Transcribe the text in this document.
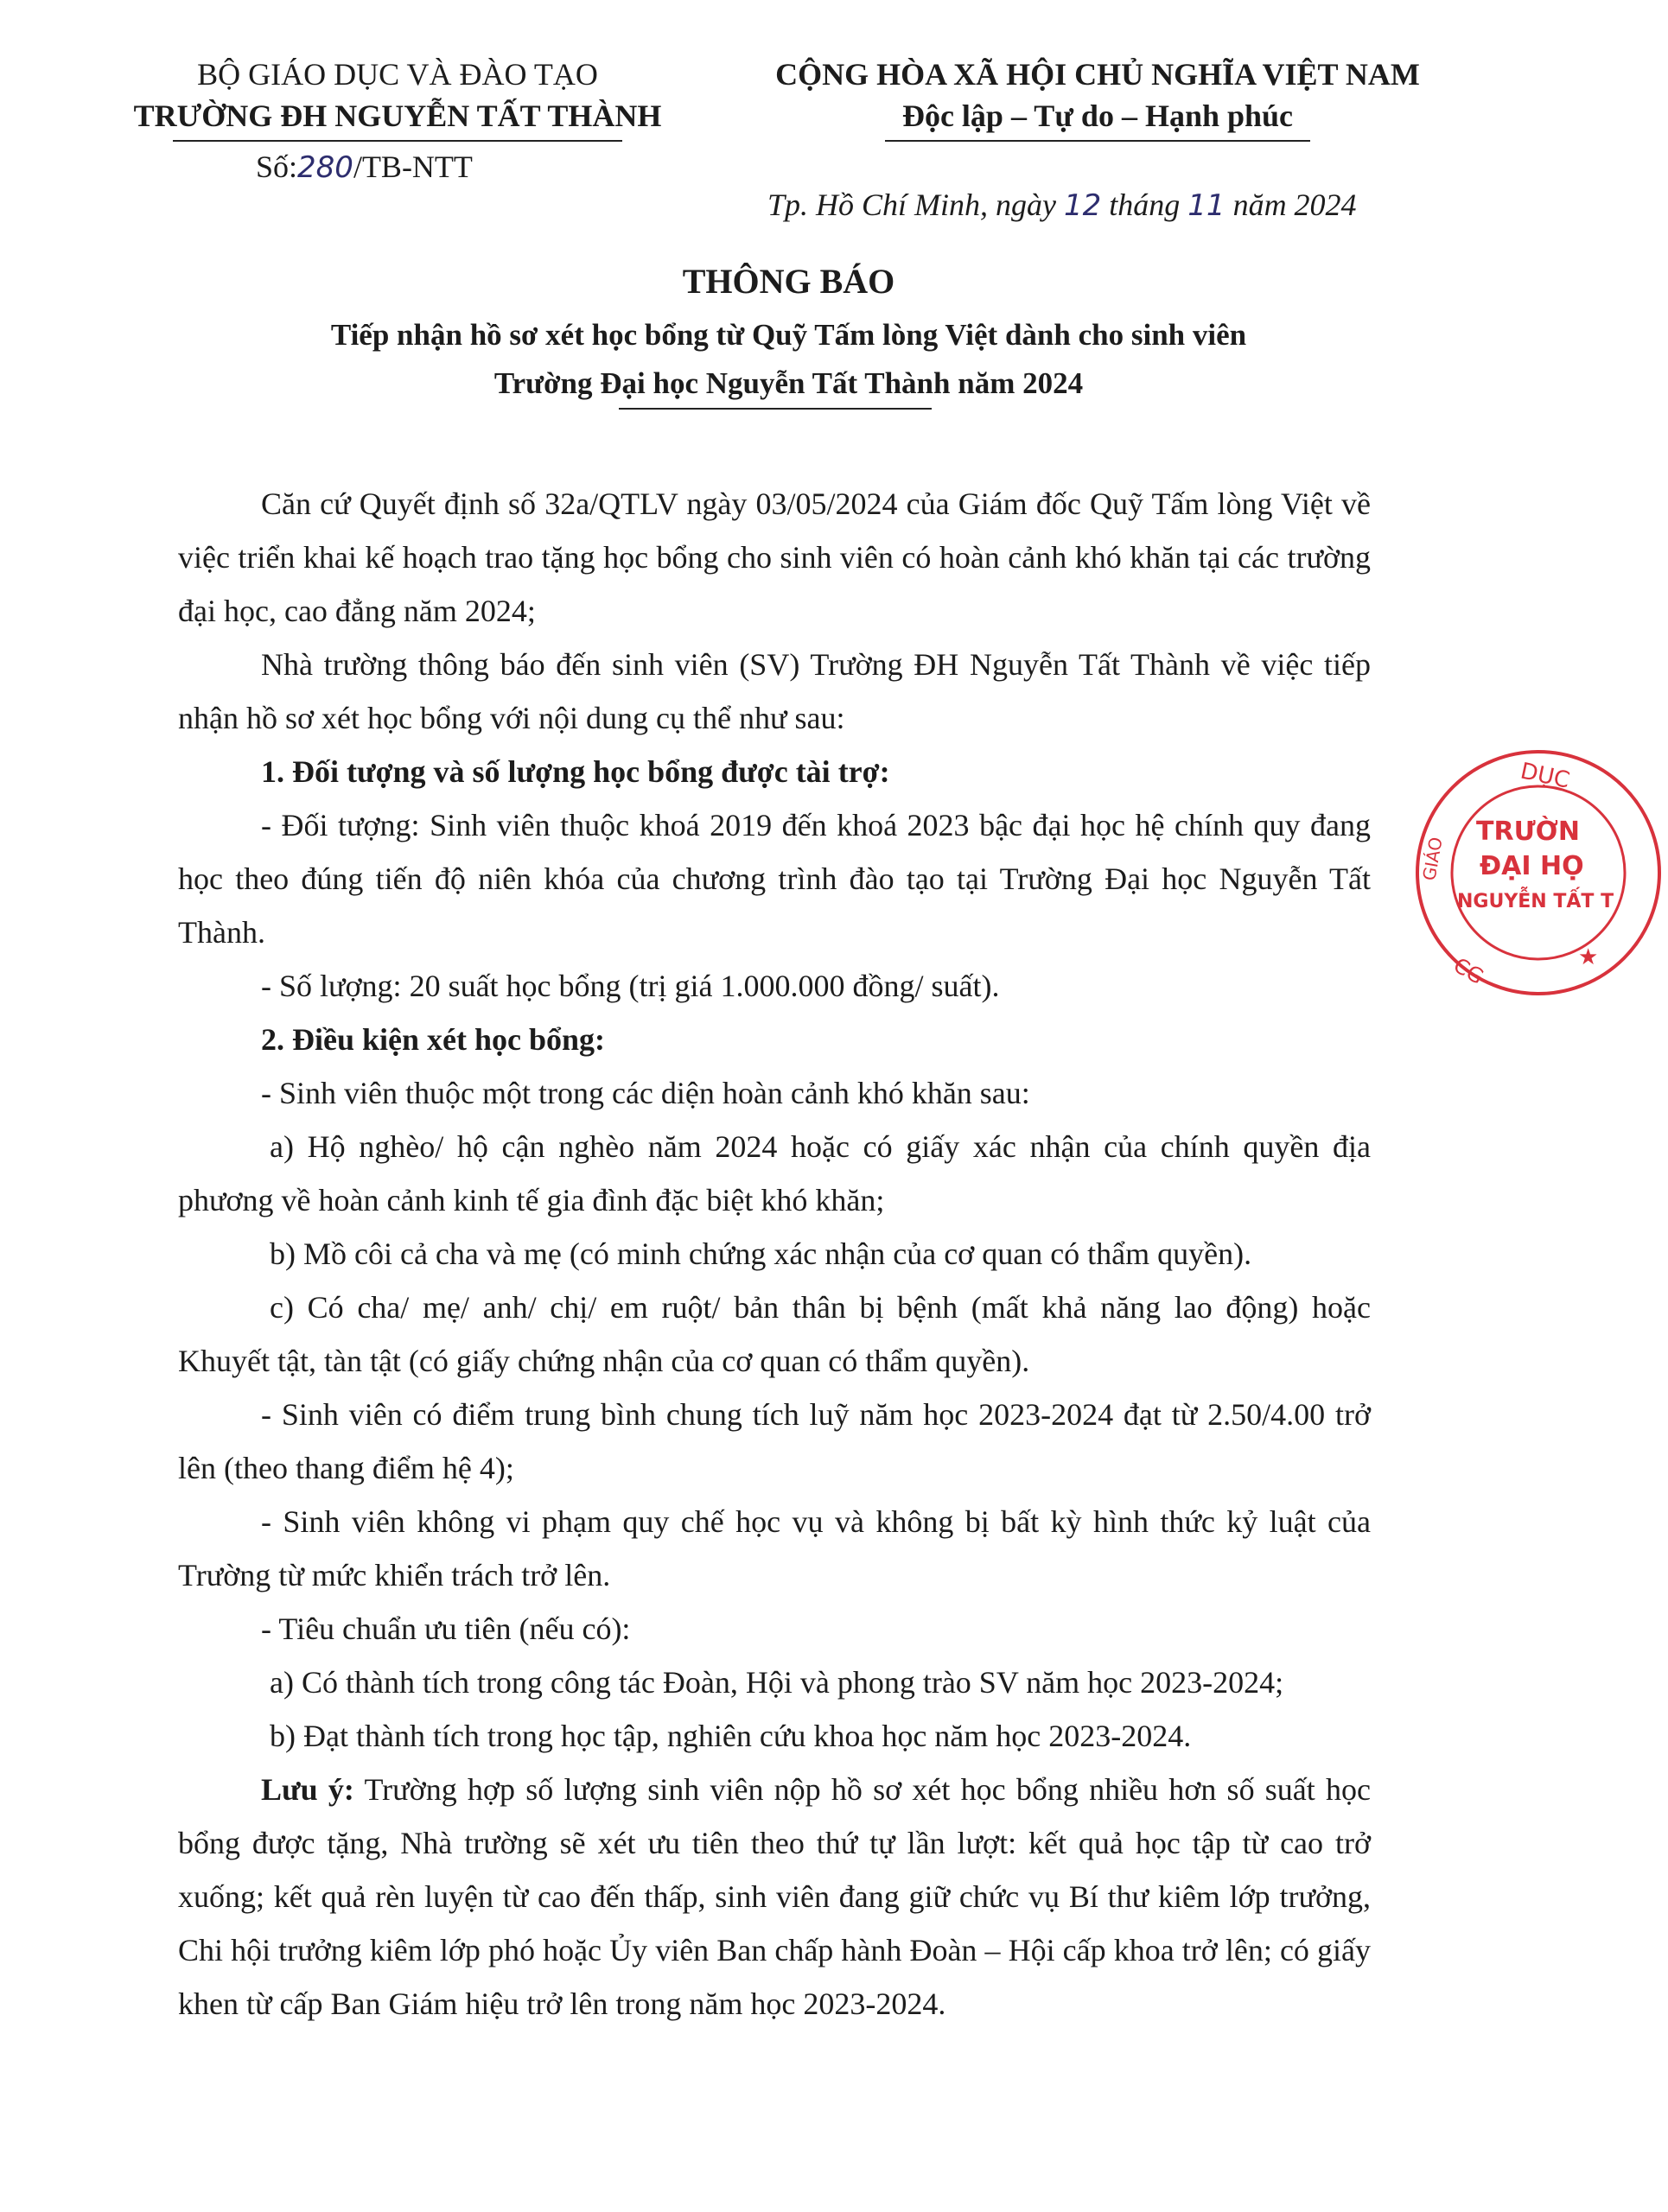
BỘ GIÁO DỤC VÀ ĐÀO TẠO
TRƯỜNG ĐH NGUYỄN TẤT THÀNH
Số:280/TB-NTT
CỘNG HÒA XÃ HỘI CHỦ NGHĨA VIỆT NAM
Độc lập – Tự do – Hạnh phúc
Tp. Hồ Chí Minh, ngày 12 tháng 11 năm 2024
THÔNG BÁO
Tiếp nhận hồ sơ xét học bổng từ Quỹ Tấm lòng Việt dành cho sinh viên
Trường Đại học Nguyễn Tất Thành năm 2024

Căn cứ Quyết định số 32a/QTLV ngày 03/05/2024 của Giám đốc Quỹ Tấm lòng Việt về việc triển khai kế hoạch trao tặng học bổng cho sinh viên có hoàn cảnh khó khăn tại các trường đại học, cao đẳng năm 2024;

Nhà trường thông báo đến sinh viên (SV) Trường ĐH Nguyễn Tất Thành về việc tiếp nhận hồ sơ xét học bổng với nội dung cụ thể như sau:

1. Đối tượng và số lượng học bổng được tài trợ:

- Đối tượng: Sinh viên thuộc khoá 2019 đến khoá 2023 bậc đại học hệ chính quy đang học theo đúng tiến độ niên khóa của chương trình đào tạo tại Trường Đại học Nguyễn Tất Thành.

- Số lượng: 20 suất học bổng (trị giá 1.000.000 đồng/ suất).

2. Điều kiện xét học bổng:

- Sinh viên thuộc một trong các diện hoàn cảnh khó khăn sau:

a) Hộ nghèo/ hộ cận nghèo năm 2024 hoặc có giấy xác nhận của chính quyền địa phương về hoàn cảnh kinh tế gia đình đặc biệt khó khăn;

b) Mồ côi cả cha và mẹ (có minh chứng xác nhận của cơ quan có thẩm quyền).

c) Có cha/ mẹ/ anh/ chị/ em ruột/ bản thân bị bệnh (mất khả năng lao động) hoặc Khuyết tật, tàn tật (có giấy chứng nhận của cơ quan có thẩm quyền).

- Sinh viên có điểm trung bình chung tích luỹ năm học 2023-2024 đạt từ 2.50/4.00 trở lên (theo thang điểm hệ 4);

- Sinh viên không vi phạm quy chế học vụ và không bị bất kỳ hình thức kỷ luật của Trường từ mức khiển trách trở lên.

- Tiêu chuẩn ưu tiên (nếu có):

a) Có thành tích trong công tác Đoàn, Hội và phong trào SV năm học 2023-2024;

b) Đạt thành tích trong học tập, nghiên cứu khoa học năm học 2023-2024.

Lưu ý: Trường hợp số lượng sinh viên nộp hồ sơ xét học bổng nhiều hơn số suất học bổng được tặng, Nhà trường sẽ xét ưu tiên theo thứ tự lần lượt: kết quả học tập từ cao trở xuống; kết quả rèn luyện từ cao đến thấp, sinh viên đang giữ chức vụ Bí thư kiêm lớp trưởng, Chi hội trưởng kiêm lớp phó hoặc Ủy viên Ban chấp hành Đoàn – Hội cấp khoa trở lên; có giấy khen từ cấp Ban Giám hiệu trở lên trong năm học 2023-2024.

DỤC
GIÁO
CG
TRƯỜN
ĐẠI HỌ
NGUYỄN TẤT T
★
